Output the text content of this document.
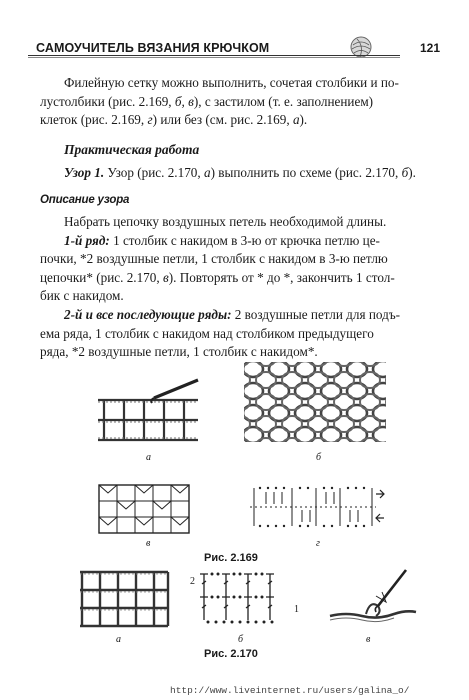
САМОУЧИТЕЛЬ ВЯЗАНИЯ КРЮЧКОМ	121

Филейную сетку можно выполнить, сочетая столбики и по-

лустолбики (рис. 2.169, б, в), с застилом (т. е. заполнением)

клеток (рис. 2.169, г) или без (см. рис. 2.169, а).

Практическая работа

Узор 1. Узор (рис. 2.170, а) выполнить по схеме (рис. 2.170, б).

Описание узора

Набрать цепочку воздушных петель необходимой длины.

1-й ряд: 1 столбик с накидом в 3-ю от крючка петлю це-

почки, *2 воздушные петли, 1 столбик с накидом в 3-ю петлю

цепочки* (рис. 2.170, в). Повторять от * до *, закончить 1 стол-

бик с накидом.

2-й и все последующие ряды: 2 воздушные петли для подъ-

ема ряда, 1 столбик с накидом над столбиком предыдущего

ряда, *2 воздушные петли, 1 столбик с накидом*.

а	б
в	г
Рис. 2.169
а
2
1
б	в
Рис. 2.170
http://www.liveinternet.ru/users/galina_o/
